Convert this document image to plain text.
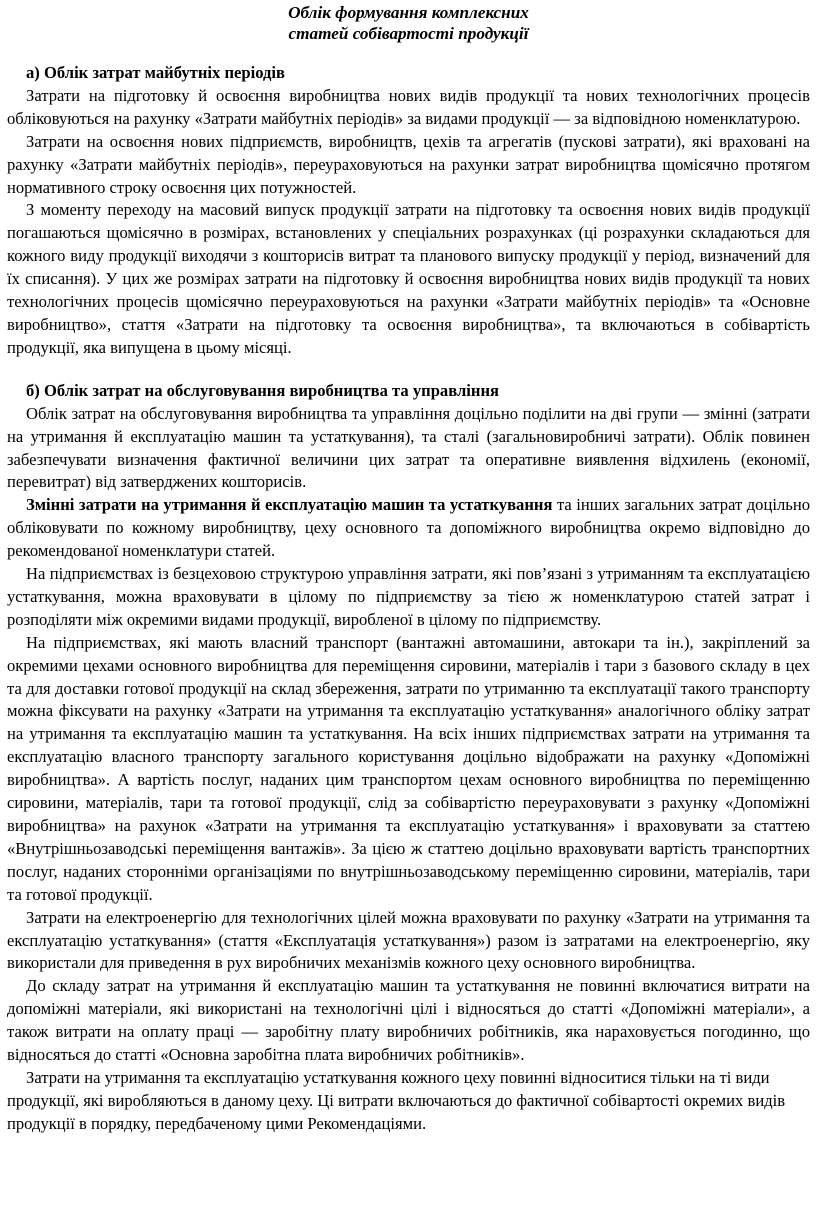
Облік формування комплексних
статей собівартості продукції
а) Облік затрат майбутніх періодів

Затрати на підготовку й освоєння виробництва нових видів продукції та нових технологічних процесів обліковуються на рахунку «Затрати майбутніх періодів» за видами продукції — за відповідною номенклатурою.

Затрати на освоєння нових підприємств, виробництв, цехів та агрегатів (пускові затрати), які враховані на рахунку «Затрати майбутніх періодів», переураховуються на рахунки затрат виробництва щомісячно протягом нормативного строку освоєння цих потужностей.

З моменту переходу на масовий випуск продукції затрати на підготовку та освоєння нових видів продукції погашаються щомісячно в розмірах, встановлених у спеціальних розрахунках (ці розрахунки складаються для кожного виду продукції виходячи з кошторисів витрат та планового випуску продукції у період, визначений для їх списання). У цих же розмірах затрати на підготовку й освоєння виробництва нових видів продукції та нових технологічних процесів щомісячно переураховуються на рахунки «Затрати майбутніх періодів» та «Основне виробництво», стаття «Затрати на підготовку та освоєння виробництва», та включаються в собівартість продукції, яка випущена в цьому місяці.

б) Облік затрат на обслуговування виробництва та управління

Облік затрат на обслуговування виробництва та управління доцільно поділити на дві групи — змінні (затрати на утримання й експлуатацію машин та устаткування), та сталі (загальновиробничі затрати). Облік повинен забезпечувати визначення фактичної величини цих затрат та оперативне виявлення відхилень (економії, перевитрат) від затверджених кошторисів.

Змінні затрати на утримання й експлуатацію машин та устаткування та інших загальних затрат доцільно обліковувати по кожному виробництву, цеху основного та допоміжного виробництва окремо відповідно до рекомендованої номенклатури статей.

На підприємствах із безцеховою структурою управління затрати, які пов’язані з утриманням та експлуатацією устаткування, можна враховувати в цілому по підприємству за тією ж номенклатурою статей затрат і розподіляти між окремими видами продукції, виробленої в цілому по підприємству.

На підприємствах, які мають власний транспорт (вантажні автомашини, автокари та ін.), закріплений за окремими цехами основного виробництва для переміщення сировини, матеріалів і тари з базового складу в цех та для доставки готової продукції на склад збереження, затрати по утриманню та експлуатації такого транспорту можна фіксувати на рахунку «Затрати на утримання та експлуатацію устаткування» аналогічного обліку затрат на утримання та експлуатацію машин та устаткування. На всіх інших підприємствах затрати на утримання та експлуатацію власного транспорту загального користування доцільно відображати на рахунку «Допоміжні виробництва». А вартість послуг, наданих цим транспортом цехам основного виробництва по переміщенню сировини, матеріалів, тари та готової продукції, слід за собівартістю переураховувати з рахунку «Допоміжні виробництва» на рахунок «Затрати на утримання та експлуатацію устаткування» і враховувати за статтею «Внутрішньозаводські переміщення вантажів». За цією ж статтею доцільно враховувати вартість транспортних послуг, наданих сторонніми організаціями по внутрішньозаводському переміщенню сировини, матеріалів, тари та готової продукції.

Затрати на електроенергію для технологічних цілей можна враховувати по рахунку «Затрати на утримання та експлуатацію устаткування» (стаття «Експлуатація устаткування») разом із затратами на електроенергію, яку використали для приведення в рух виробничих механізмів кожного цеху основного виробництва.

До складу затрат на утримання й експлуатацію машин та устаткування не повинні включатися витрати на допоміжні матеріали, які використані на технологічні цілі і відносяться до статті «Допоміжні матеріали», а також витрати на оплату праці — заробітну плату виробничих робітників, яка нараховується погодинно, що відносяться до статті «Основна заробітна плата виробничих робітників».

Затрати на утримання та експлуатацію устаткування кожного цеху повинні відноситися тільки на ті види продукції, які виробляються в даному цеху. Ці витрати включаються до фактичної собівартості окремих видів продукції в порядку, передбаченому цими Рекомендаціями.
